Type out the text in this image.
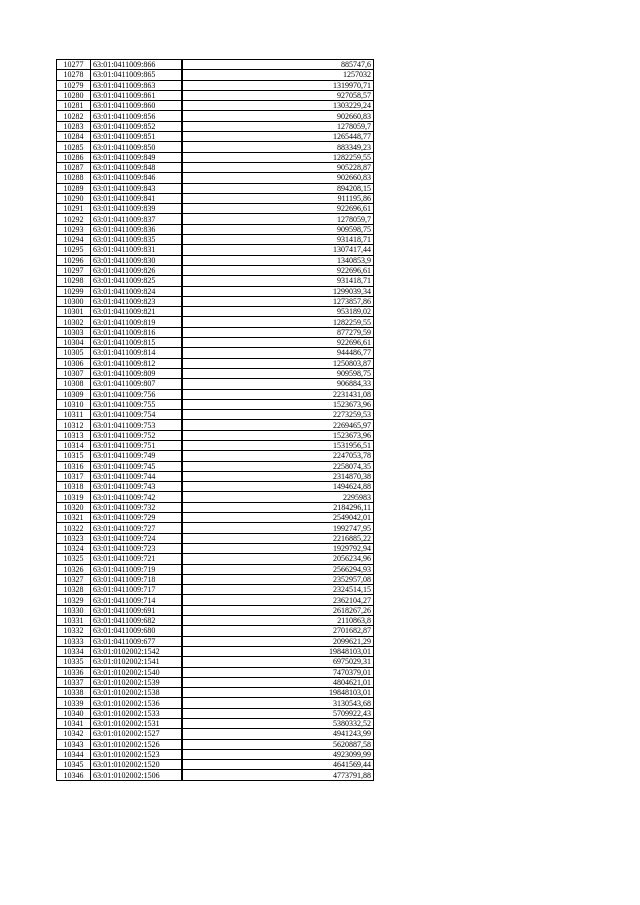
10277	63:01:0411009:866	885747,6
10278	63:01:0411009:865	1257032
10279	63:01:0411009:863	1319970,71
10280	63:01:0411009:861	927058,57
10281	63:01:0411009:860	1303229,24
10282	63:01:0411009:856	902660,83
10283	63:01:0411009:852	1278059,7
10284	63:01:0411009:851	1265448,77
10285	63:01:0411009:850	883349,23
10286	63:01:0411009:849	1282259,55
10287	63:01:0411009:848	905228,87
10288	63:01:0411009:846	902660,83
10289	63:01:0411009:843	894208,15
10290	63:01:0411009:841	911195,86
10291	63:01:0411009:839	922696,61
10292	63:01:0411009:837	1278059,7
10293	63:01:0411009:836	909598,75
10294	63:01:0411009:835	931418,71
10295	63:01:0411009:831	1307417,44
10296	63:01:0411009:830	1340853,9
10297	63:01:0411009:826	922696,61
10298	63:01:0411009:825	931418,71
10299	63:01:0411009:824	1299039,34
10300	63:01:0411009:823	1273857,86
10301	63:01:0411009:821	953189,02
10302	63:01:0411009:819	1282259,55
10303	63:01:0411009:816	877279,59
10304	63:01:0411009:815	922696,61
10305	63:01:0411009:814	944486,77
10306	63:01:0411009:812	1250803,87
10307	63:01:0411009:809	909598,75
10308	63:01:0411009:807	906884,33
10309	63:01:0411009:756	2231431,08
10310	63:01:0411009:755	1523673,96
10311	63:01:0411009:754	2273259,53
10312	63:01:0411009:753	2269465,97
10313	63:01:0411009:752	1523673,96
10314	63:01:0411009:751	1531956,51
10315	63:01:0411009:749	2247053,78
10316	63:01:0411009:745	2258074,35
10317	63:01:0411009:744	2314870,38
10318	63:01:0411009:743	1494624,88
10319	63:01:0411009:742	2295983
10320	63:01:0411009:732	2184296,11
10321	63:01:0411009:729	2549042,01
10322	63:01:0411009:727	1992747,95
10323	63:01:0411009:724	2216885,22
10324	63:01:0411009:723	1929792,94
10325	63:01:0411009:721	2056234,96
10326	63:01:0411009:719	2566294,93
10327	63:01:0411009:718	2352957,08
10328	63:01:0411009:717	2324514,15
10329	63:01:0411009:714	2362104,27
10330	63:01:0411009:691	2618267,26
10331	63:01:0411009:682	2110863,8
10332	63:01:0411009:680	2701682,87
10333	63:01:0411009:677	2099621,29
10334	63:01:0102002:1542	19848103,01
10335	63:01:0102002:1541	6975029,31
10336	63:01:0102002:1540	7470379,01
10337	63:01:0102002:1539	4804621,01
10338	63:01:0102002:1538	19848103,01
10339	63:01:0102002:1536	3130543,68
10340	63:01:0102002:1533	5709922,43
10341	63:01:0102002:1531	5380332,52
10342	63:01:0102002:1527	4941243,99
10343	63:01:0102002:1526	5620887,58
10344	63:01:0102002:1523	4923099,99
10345	63:01:0102002:1520	4641569,44
10346	63:01:0102002:1506	4773791,88
